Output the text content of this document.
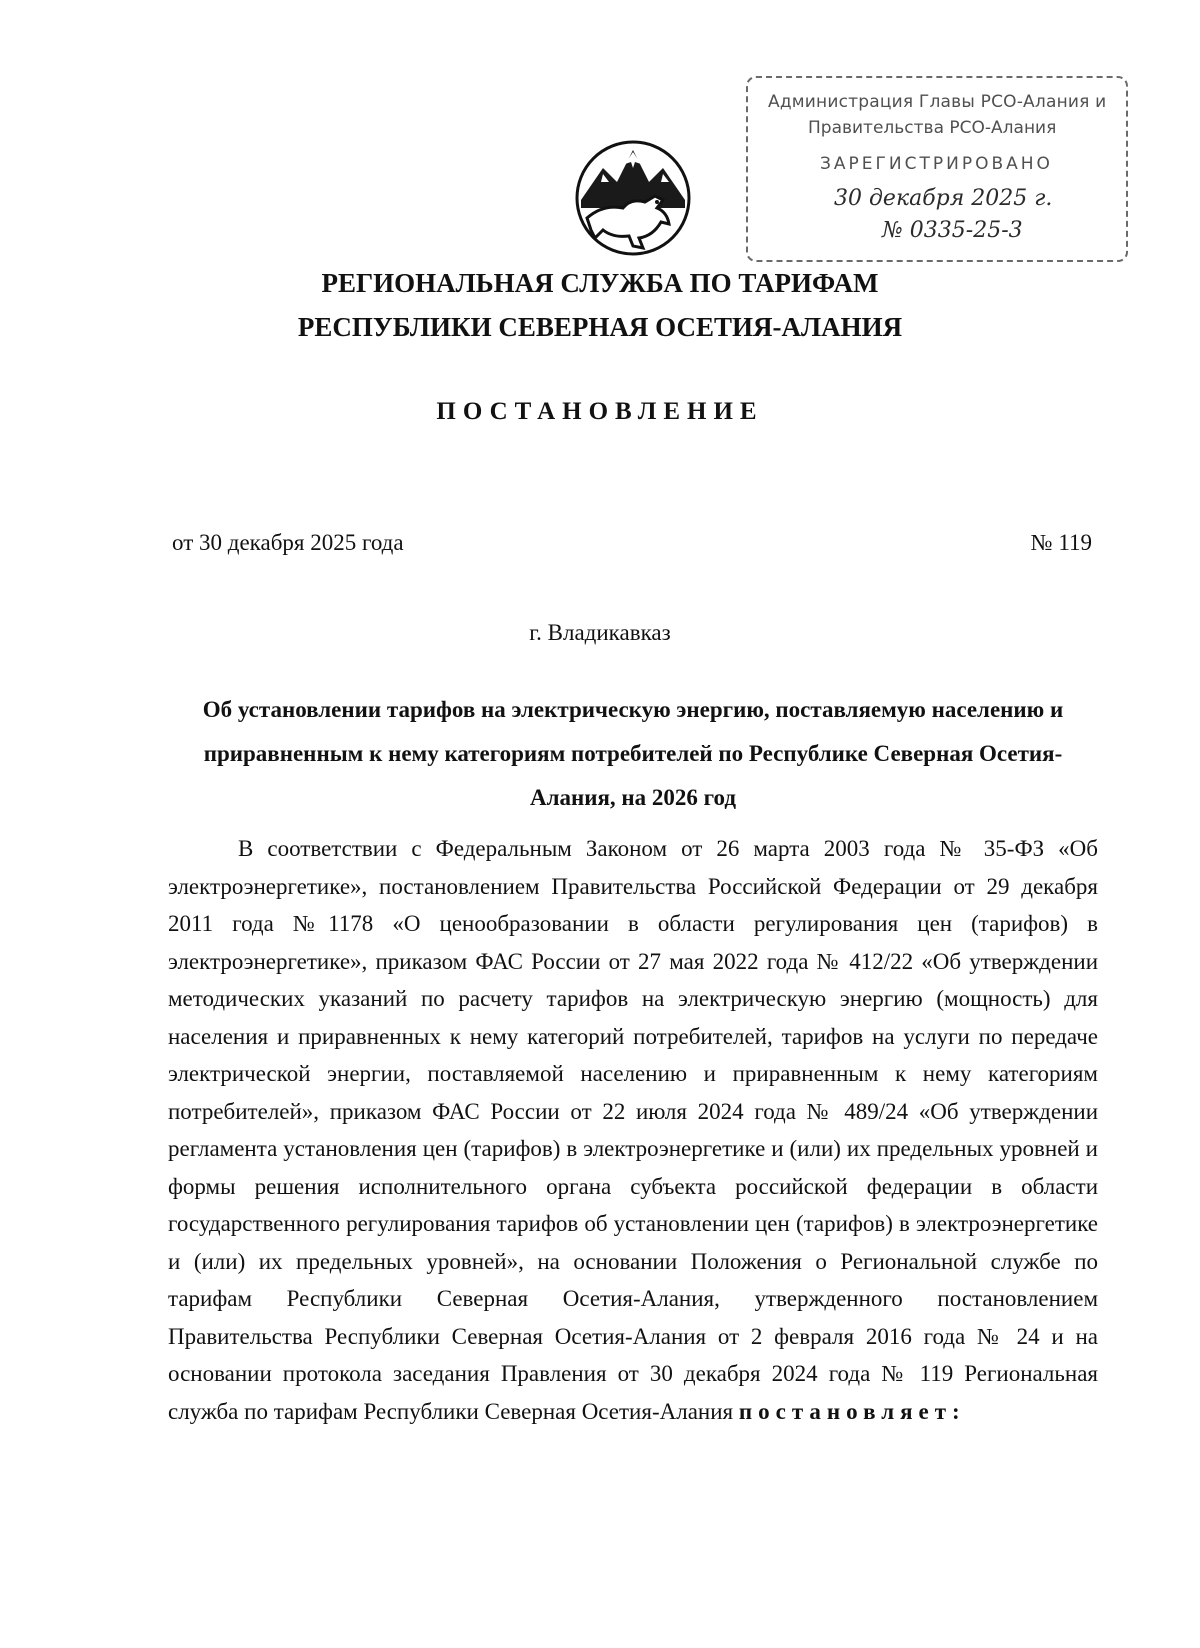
Администрация Главы РСО-Алания и
Правительства РСО-Алания
ЗАРЕГИСТРИРОВАНО
30 декабря 2025 г.
№ 0335-25-3

РЕГИОНАЛЬНАЯ СЛУЖБА ПО ТАРИФАМ

РЕСПУБЛИКИ СЕВЕРНАЯ ОСЕТИЯ-АЛАНИЯ

ПОСТАНОВЛЕНИЕ

от 30 декабря 2025 года	№ 119

г. Владикавказ

Об установлении тарифов на электрическую энергию, поставляемую населению и приравненным к нему категориям потребителей по Республике Северная Осетия-Алания, на 2026 год

В соответствии с Федеральным Законом от 26 марта 2003 года № 35-ФЗ «Об электроэнергетике», постановлением Правительства Российской Федерации от 29 декабря 2011 года №1178 «О ценообразовании в области регулирования цен (тарифов) в электроэнергетике», приказом ФАС России от 27 мая 2022 года № 412/22 «Об утверждении методических указаний по расчету тарифов на электрическую энергию (мощность) для населения и приравненных к нему категорий потребителей, тарифов на услуги по передаче электрической энергии, поставляемой населению и приравненным к нему категориям потребителей», приказом ФАС России от 22 июля 2024 года № 489/24 «Об утверждении регламента установления цен (тарифов) в электроэнергетике и (или) их предельных уровней и формы решения исполнительного органа субъекта российской федерации в области государственного регулирования тарифов об установлении цен (тарифов) в электроэнергетике и (или) их предельных уровней», на основании Положения о Региональной службе по тарифам Республики Северная Осетия-Алания, утвержденного постановлением Правительства Республики Северная Осетия-Алания от 2 февраля 2016 года № 24 и на основании протокола заседания Правления от 30 декабря 2024 года № 119 Региональная служба по тарифам Республики Северная Осетия-Алания постановляет:
